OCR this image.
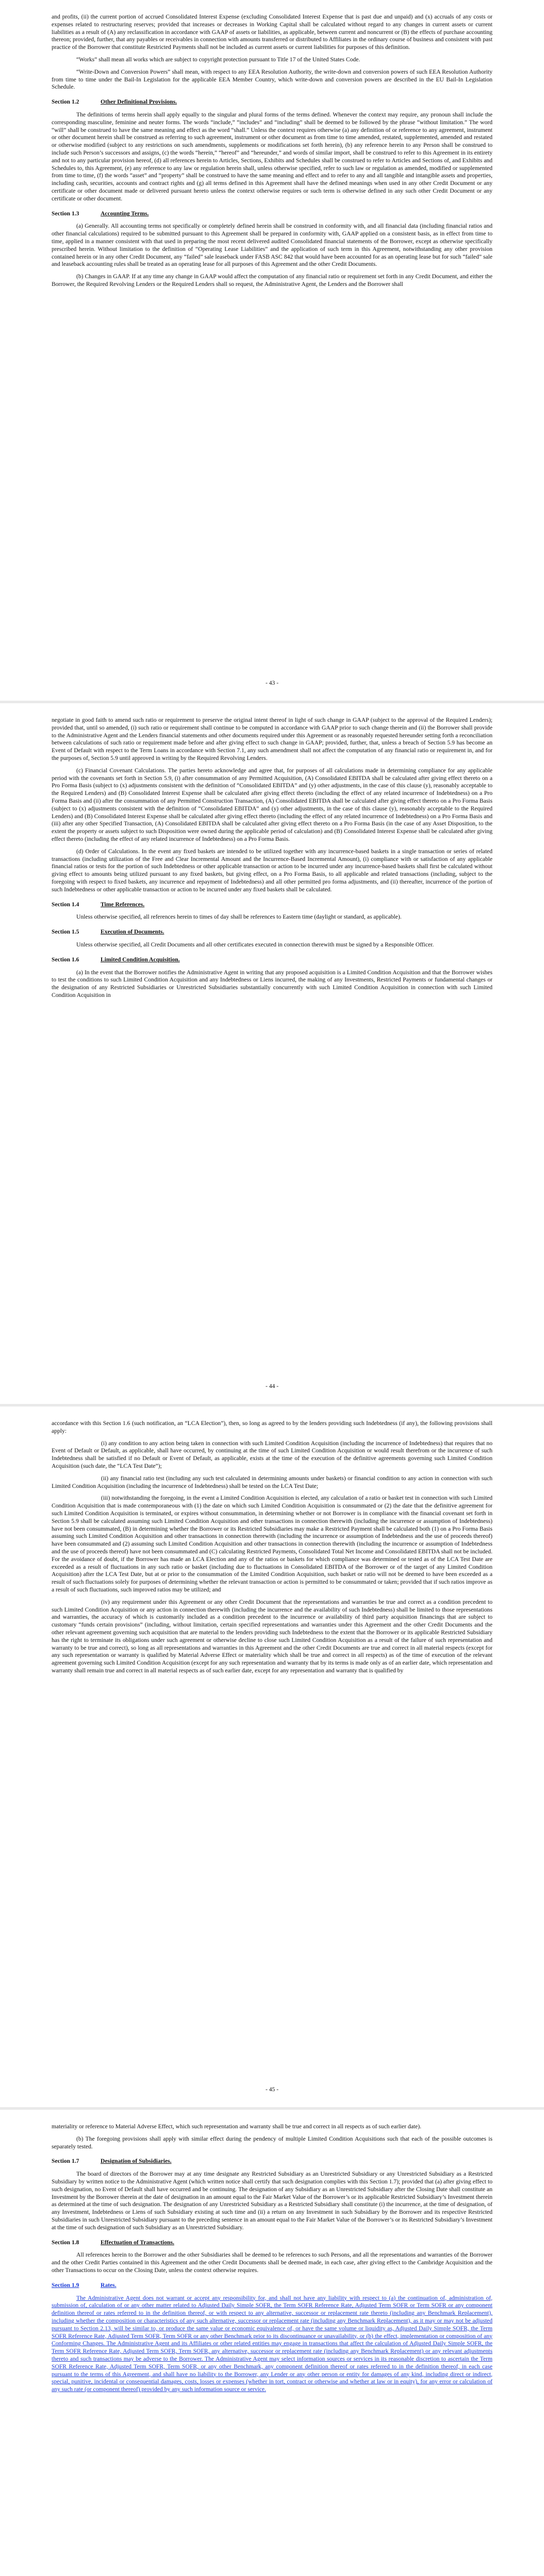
and profits, (ii) the current portion of accrued Consolidated Interest Expense (excluding Consolidated Interest Expense that is past due and unpaid) and (x) accruals of any costs or expenses related to restructuring reserves; provided that increases or decreases in Working Capital shall be calculated without regard to any changes in current assets or current liabilities as a result of (A) any reclassification in accordance with GAAP of assets or liabilities, as applicable, between current and noncurrent or (B) the effects of purchase accounting thereon; provided, further, that any payables or receivables in connection with amounts transferred or distributed to Affiliates in the ordinary course of business and consistent with past practice of the Borrower that constitute Restricted Payments shall not be included as current assets or current liabilities for purposes of this definition.

“Works” shall mean all works which are subject to copyright protection pursuant to Title 17 of the United States Code.

“Write-Down and Conversion Powers” shall mean, with respect to any EEA Resolution Authority, the write-down and conversion powers of such EEA Resolution Authority from time to time under the Bail-In Legislation for the applicable EEA Member Country, which write-down and conversion powers are described in the EU Bail-In Legislation Schedule.

Section 1.2	Other Definitional Provisions.

The definitions of terms herein shall apply equally to the singular and plural forms of the terms defined. Whenever the context may require, any pronoun shall include the corresponding masculine, feminine and neuter forms. The words “include,” “includes” and “including” shall be deemed to be followed by the phrase “without limitation.” The word “will” shall be construed to have the same meaning and effect as the word “shall.” Unless the context requires otherwise (a) any definition of or reference to any agreement, instrument or other document herein shall be construed as referring to such agreement, instrument or other document as from time to time amended, restated, supplemented, amended and restated or otherwise modified (subject to any restrictions on such amendments, supplements or modifications set forth herein), (b) any reference herein to any Person shall be construed to include such Person’s successors and assigns, (c) the words “herein,” “hereof” and “hereunder,” and words of similar import, shall be construed to refer to this Agreement in its entirety and not to any particular provision hereof, (d) all references herein to Articles, Sections, Exhibits and Schedules shall be construed to refer to Articles and Sections of, and Exhibits and Schedules to, this Agreement, (e) any reference to any law or regulation herein shall, unless otherwise specified, refer to such law or regulation as amended, modified or supplemented from time to time, (f) the words “asset” and “property” shall be construed to have the same meaning and effect and to refer to any and all tangible and intangible assets and properties, including cash, securities, accounts and contract rights and (g) all terms defined in this Agreement shall have the defined meanings when used in any other Credit Document or any certificate or other document made or delivered pursuant hereto unless the context otherwise requires or such term is otherwise defined in any such other Credit Document or any certificate or other document.

Section 1.3	Accounting Terms.

(a) Generally. All accounting terms not specifically or completely defined herein shall be construed in conformity with, and all financial data (including financial ratios and other financial calculations) required to be submitted pursuant to this Agreement shall be prepared in conformity with, GAAP applied on a consistent basis, as in effect from time to time, applied in a manner consistent with that used in preparing the most recent delivered audited Consolidated financial statements of the Borrower, except as otherwise specifically prescribed herein. Without limitation to the definition of “Operating Lease Liabilities” and the application of such term in this Agreement, notwithstanding any other provision contained herein or in any other Credit Document, any “failed” sale leaseback under FASB ASC 842 that would have been accounted for as an operating lease but for such “failed” sale and leaseback accounting rules shall be treated as an operating lease for all purposes of this Agreement and the other Credit Documents.

(b) Changes in GAAP. If at any time any change in GAAP would affect the computation of any financial ratio or requirement set forth in any Credit Document, and either the Borrower, the Required Revolving Lenders or the Required Lenders shall so request, the Administrative Agent, the Lenders and the Borrower shall

- 43 -

negotiate in good faith to amend such ratio or requirement to preserve the original intent thereof in light of such change in GAAP (subject to the approval of the Required Lenders); provided that, until so amended, (i) such ratio or requirement shall continue to be computed in accordance with GAAP prior to such change therein and (ii) the Borrower shall provide to the Administrative Agent and the Lenders financial statements and other documents required under this Agreement or as reasonably requested hereunder setting forth a reconciliation between calculations of such ratio or requirement made before and after giving effect to such change in GAAP; provided, further, that, unless a breach of Section 5.9 has become an Event of Default with respect to the Term Loans in accordance with Section 7.1, any such amendment shall not affect the computation of any financial ratio or requirement in, and for the purposes of, Section 5.9 until approved in writing by the Required Revolving Lenders.

(c) Financial Covenant Calculations. The parties hereto acknowledge and agree that, for purposes of all calculations made in determining compliance for any applicable period with the covenants set forth in Section 5.9, (i) after consummation of any Permitted Acquisition, (A) Consolidated EBITDA shall be calculated after giving effect thereto on a Pro Forma Basis (subject to (x) adjustments consistent with the definition of “Consolidated EBITDA” and (y) other adjustments, in the case of this clause (y), reasonably acceptable to the Required Lenders) and (B) Consolidated Interest Expense shall be calculated after giving effect thereto (including the effect of any related incurrence of Indebtedness) on a Pro Forma Basis and (ii) after the consummation of any Permitted Construction Transaction, (A) Consolidated EBITDA shall be calculated after giving effect thereto on a Pro Forma Basis (subject to (x) adjustments consistent with the definition of “Consolidated EBITDA” and (y) other adjustments, in the case of this clause (y), reasonably acceptable to the Required Lenders) and (B) Consolidated Interest Expense shall be calculated after giving effect thereto (including the effect of any related incurrence of Indebtedness) on a Pro Forma Basis and (iii) after any other Specified Transaction, (A) Consolidated EBITDA shall be calculated after giving effect thereto on a Pro Forma Basis (in the case of any Asset Disposition, to the extent the property or assets subject to such Disposition were owned during the applicable period of calculation) and (B) Consolidated Interest Expense shall be calculated after giving effect thereto (including the effect of any related incurrence of Indebtedness) on a Pro Forma Basis.

(d) Order of Calculations. In the event any fixed baskets are intended to be utilized together with any incurrence-based baskets in a single transaction or series of related transactions (including utilization of the Free and Clear Incremental Amount and the Incurrence-Based Incremental Amount), (i) compliance with or satisfaction of any applicable financial ratios or tests for the portion of such Indebtedness or other applicable transaction or action to be incurred under any incurrence-based baskets shall first be calculated without giving effect to amounts being utilized pursuant to any fixed baskets, but giving effect, on a Pro Forma Basis, to all applicable and related transactions (including, subject to the foregoing with respect to fixed baskets, any incurrence and repayment of Indebtedness) and all other permitted pro forma adjustments, and (ii) thereafter, incurrence of the portion of such Indebtedness or other applicable transaction or action to be incurred under any fixed baskets shall be calculated.

Section 1.4	Time References.

Unless otherwise specified, all references herein to times of day shall be references to Eastern time (daylight or standard, as applicable).

Section 1.5	Execution of Documents.

Unless otherwise specified, all Credit Documents and all other certificates executed in connection therewith must be signed by a Responsible Officer.

Section 1.6	Limited Condition Acquisition.

(a) In the event that the Borrower notifies the Administrative Agent in writing that any proposed acquisition is a Limited Condition Acquisition and that the Borrower wishes to test the conditions to such Limited Condition Acquisition and any Indebtedness or Liens incurred, the making of any Investments, Restricted Payments or fundamental changes or the designation of any Restricted Subsidiaries or Unrestricted Subsidiaries substantially concurrently with such Limited Condition Acquisition in connection with such Limited Condition Acquisition in

- 44 -

accordance with this Section 1.6 (such notification, an “LCA Election”), then, so long as agreed to by the lenders providing such Indebtedness (if any), the following provisions shall apply:

(i) any condition to any action being taken in connection with such Limited Condition Acquisition (including the incurrence of Indebtedness) that requires that no Event of Default or Default, as applicable, shall have occurred, by continuing at the time of such Limited Condition Acquisition or would result therefrom or the incurrence of such Indebtedness shall be satisfied if no Default or Event of Default, as applicable, exists at the time of the execution of the definitive agreements governing such Limited Condition Acquisition (such date, the “LCA Test Date”);

(ii) any financial ratio test (including any such test calculated in determining amounts under baskets) or financial condition to any action in connection with such Limited Condition Acquisition (including the incurrence of Indebtedness) shall be tested on the LCA Test Date;

(iii) notwithstanding the foregoing, in the event a Limited Condition Acquisition is elected, any calculation of a ratio or basket test in connection with such Limited Condition Acquisition that is made contemporaneous with (1) the date on which such Limited Condition Acquisition is consummated or (2) the date that the definitive agreement for such Limited Condition Acquisition is terminated, or expires without consummation, in determining whether or not Borrower is in compliance with the financial covenant set forth in Section 5.9 shall be calculated assuming such Limited Condition Acquisition and other transactions in connection therewith (including the incurrence or assumption of Indebtedness) have not been consummated, (B) in determining whether the Borrower or its Restricted Subsidiaries may make a Restricted Payment shall be calculated both (1) on a Pro Forma Basis assuming such Limited Condition Acquisition and other transactions in connection therewith (including the incurrence or assumption of Indebtedness and the use of proceeds thereof) have been consummated and (2) assuming such Limited Condition Acquisition and other transactions in connection therewith (including the incurrence or assumption of Indebtedness and the use of proceeds thereof) have not been consummated and (C) calculating Restricted Payments, Consolidated Total Net Income and Consolidated EBITDA shall not be included. For the avoidance of doubt, if the Borrower has made an LCA Election and any of the ratios or baskets for which compliance was determined or tested as of the LCA Test Date are exceeded as a result of fluctuations in any such ratio or basket (including due to fluctuations in Consolidated EBITDA of the Borrower or of the target of any Limited Condition Acquisition) after the LCA Test Date, but at or prior to the consummation of the Limited Condition Acquisition, such basket or ratio will not be deemed to have been exceeded as a result of such fluctuations solely for purposes of determining whether the relevant transaction or action is permitted to be consummated or taken; provided that if such ratios improve as a result of such fluctuations, such improved ratios may be utilized; and

(iv) any requirement under this Agreement or any other Credit Document that the representations and warranties be true and correct as a condition precedent to such Limited Condition Acquisition or any action in connection therewith (including the incurrence and the availability of such Indebtedness) shall be limited to those representations and warranties, the accuracy of which is customarily included as a condition precedent to the incurrence or availability of third party acquisition financings that are subject to customary “funds certain provisions” (including, without limitation, certain specified representations and warranties under this Agreement and the other Credit Documents and the other relevant agreement governing such acquisition that are material to the lenders providing such Indebtedness to the extent that the Borrower or its applicable Restricted Subsidiary has the right to terminate its obligations under such agreement or otherwise decline to close such Limited Condition Acquisition as a result of the failure of such representation and warranty to be true and correct), so long as all representations and warranties in this Agreement and the other Credit Documents are true and correct in all material respects (except for any such representation or warranty is qualified by Material Adverse Effect or materiality which shall be true and correct in all respects) as of the time of execution of the relevant agreement governing such Limited Condition Acquisition (except for any such representation and warranty that by its terms is made only as of an earlier date, which representation and warranty shall remain true and correct in all material respects as of such earlier date, except for any representation and warranty that is qualified by

- 45 -

materiality or reference to Material Adverse Effect, which such representation and warranty shall be true and correct in all respects as of such earlier date).

(b) The foregoing provisions shall apply with similar effect during the pendency of multiple Limited Condition Acquisitions such that each of the possible outcomes is separately tested.

Section 1.7	Designation of Subsidiaries.

The board of directors of the Borrower may at any time designate any Restricted Subsidiary as an Unrestricted Subsidiary or any Unrestricted Subsidiary as a Restricted Subsidiary by written notice to the Administrative Agent (which written notice shall certify that such designation complies with this Section 1.7); provided that (a) after giving effect to such designation, no Event of Default shall have occurred and be continuing. The designation of any Subsidiary as an Unrestricted Subsidiary after the Closing Date shall constitute an Investment by the Borrower therein at the date of designation in an amount equal to the Fair Market Value of the Borrower’s or its applicable Restricted Subsidiary’s Investment therein as determined at the time of such designation. The designation of any Unrestricted Subsidiary as a Restricted Subsidiary shall constitute (i) the incurrence, at the time of designation, of any Investment, Indebtedness or Liens of such Subsidiary existing at such time and (ii) a return on any Investment in such Subsidiary by the Borrower and its respective Restricted Subsidiaries in such Unrestricted Subsidiary pursuant to the preceding sentence in an amount equal to the Fair Market Value of the Borrower’s or its Restricted Subsidiary’s Investment at the time of such designation of such Subsidiary as an Unrestricted Subsidiary.

Section 1.8	Effectuation of Transactions.

All references herein to the Borrower and the other Subsidiaries shall be deemed to be references to such Persons, and all the representations and warranties of the Borrower and the other Credit Parties contained in this Agreement and the other Credit Documents shall be deemed made, in each case, after giving effect to the Cambridge Acquisition and the other Transactions to occur on the Closing Date, unless the context otherwise requires.

Section 1.9	Rates.

The Administrative Agent does not warrant or accept any responsibility for, and shall not have any liability with respect to (a) the continuation of, administration of, submission of, calculation of or any other matter related to Adjusted Daily Simple SOFR, the Term SOFR Reference Rate, Adjusted Term SOFR or Term SOFR or any component definition thereof or rates referred to in the definition thereof, or with respect to any alternative, successor or replacement rate thereto (including any Benchmark Replacement), including whether the composition or characteristics of any such alternative, successor or replacement rate (including any Benchmark Replacement), as it may or may not be adjusted pursuant to Section 2.13, will be similar to, or produce the same value or economic equivalence of, or have the same volume or liquidity as, Adjusted Daily Simple SOFR, the Term SOFR Reference Rate, Adjusted Term SOFR, Term SOFR or any other Benchmark prior to its discontinuance or unavailability, or (b) the effect, implementation or composition of any Conforming Changes. The Administrative Agent and its Affiliates or other related entities may engage in transactions that affect the calculation of Adjusted Daily Simple SOFR, the Term SOFR Reference Rate, Adjusted Term SOFR, Term SOFR, any alternative, successor or replacement rate (including any Benchmark Replacement) or any relevant adjustments thereto and such transactions may be adverse to the Borrower. The Administrative Agent may select information sources or services in its reasonable discretion to ascertain the Term SOFR Reference Rate, Adjusted Term SOFR, Term SOFR, or any other Benchmark, any component definition thereof or rates referred to in the definition thereof, in each case pursuant to the terms of this Agreement, and shall have no liability to the Borrower, any Lender or any other person or entity for damages of any kind, including direct or indirect, special, punitive, incidental or consequential damages, costs, losses or expenses (whether in tort, contract or otherwise and whether at law or in equity), for any error or calculation of any such rate (or component thereof) provided by any such information source or service.
